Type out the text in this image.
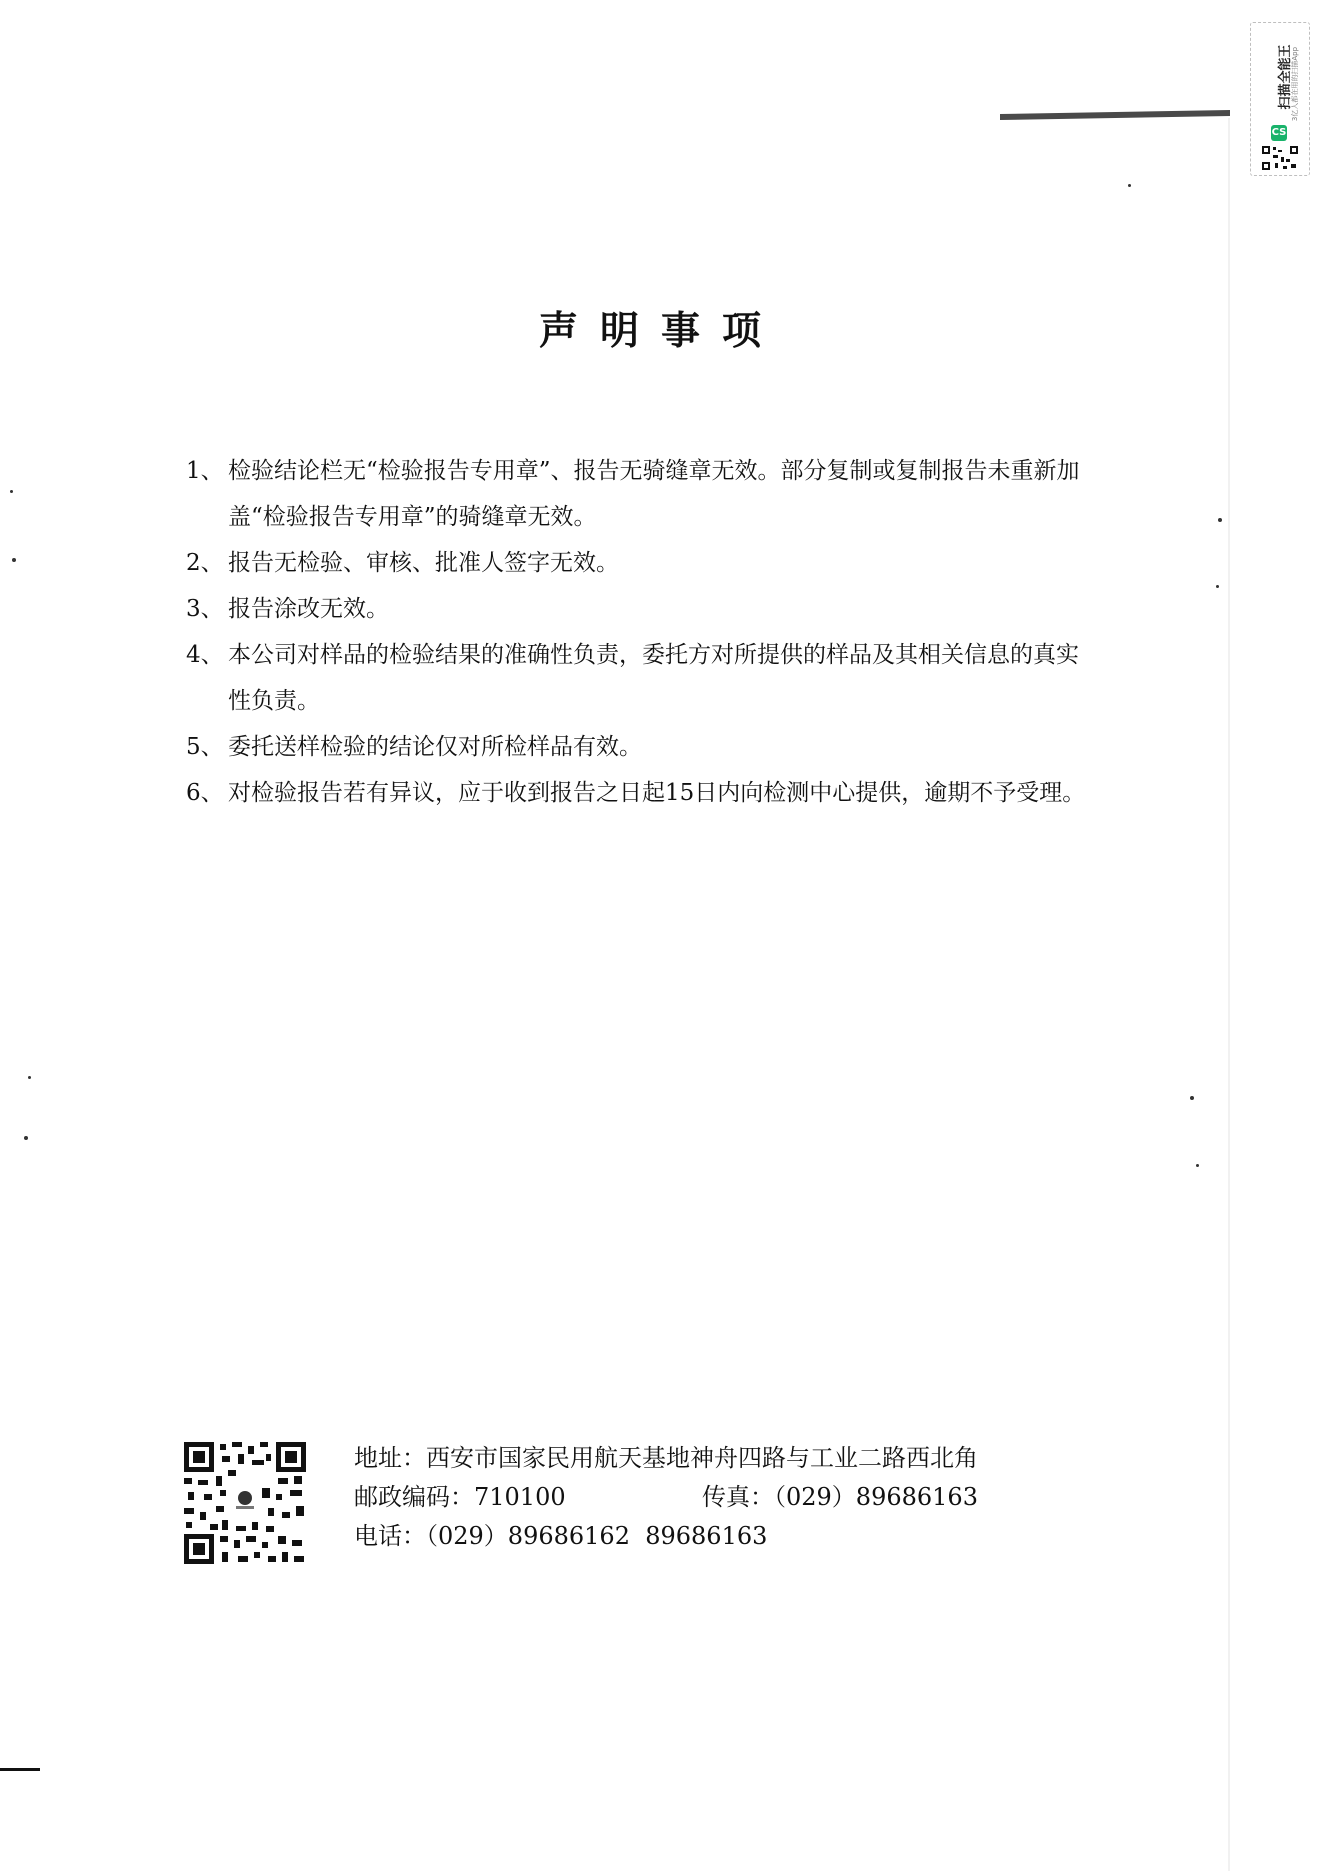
扫描全能王
3亿人都在用的扫描App
CS
声明事项
1、 检验结论栏无“检验报告专用章”、报告无骑缝章无效。部分复制或复制报告未重新加盖“检验报告专用章”的骑缝章无效。
2、 报告无检验、审核、批准人签字无效。
3、 报告涂改无效。
4、 本公司对样品的检验结果的准确性负责，委托方对所提供的样品及其相关信息的真实性负责。
5、 委托送样检验的结论仅对所检样品有效。
6、 对检验报告若有异议，应于收到报告之日起15日内向检测中心提供，逾期不予受理。
地址：西安市国家民用航天基地神舟四路与工业二路西北角
邮政编码：710100	传真：（029）89686163
电话：（029）89686162  89686163
